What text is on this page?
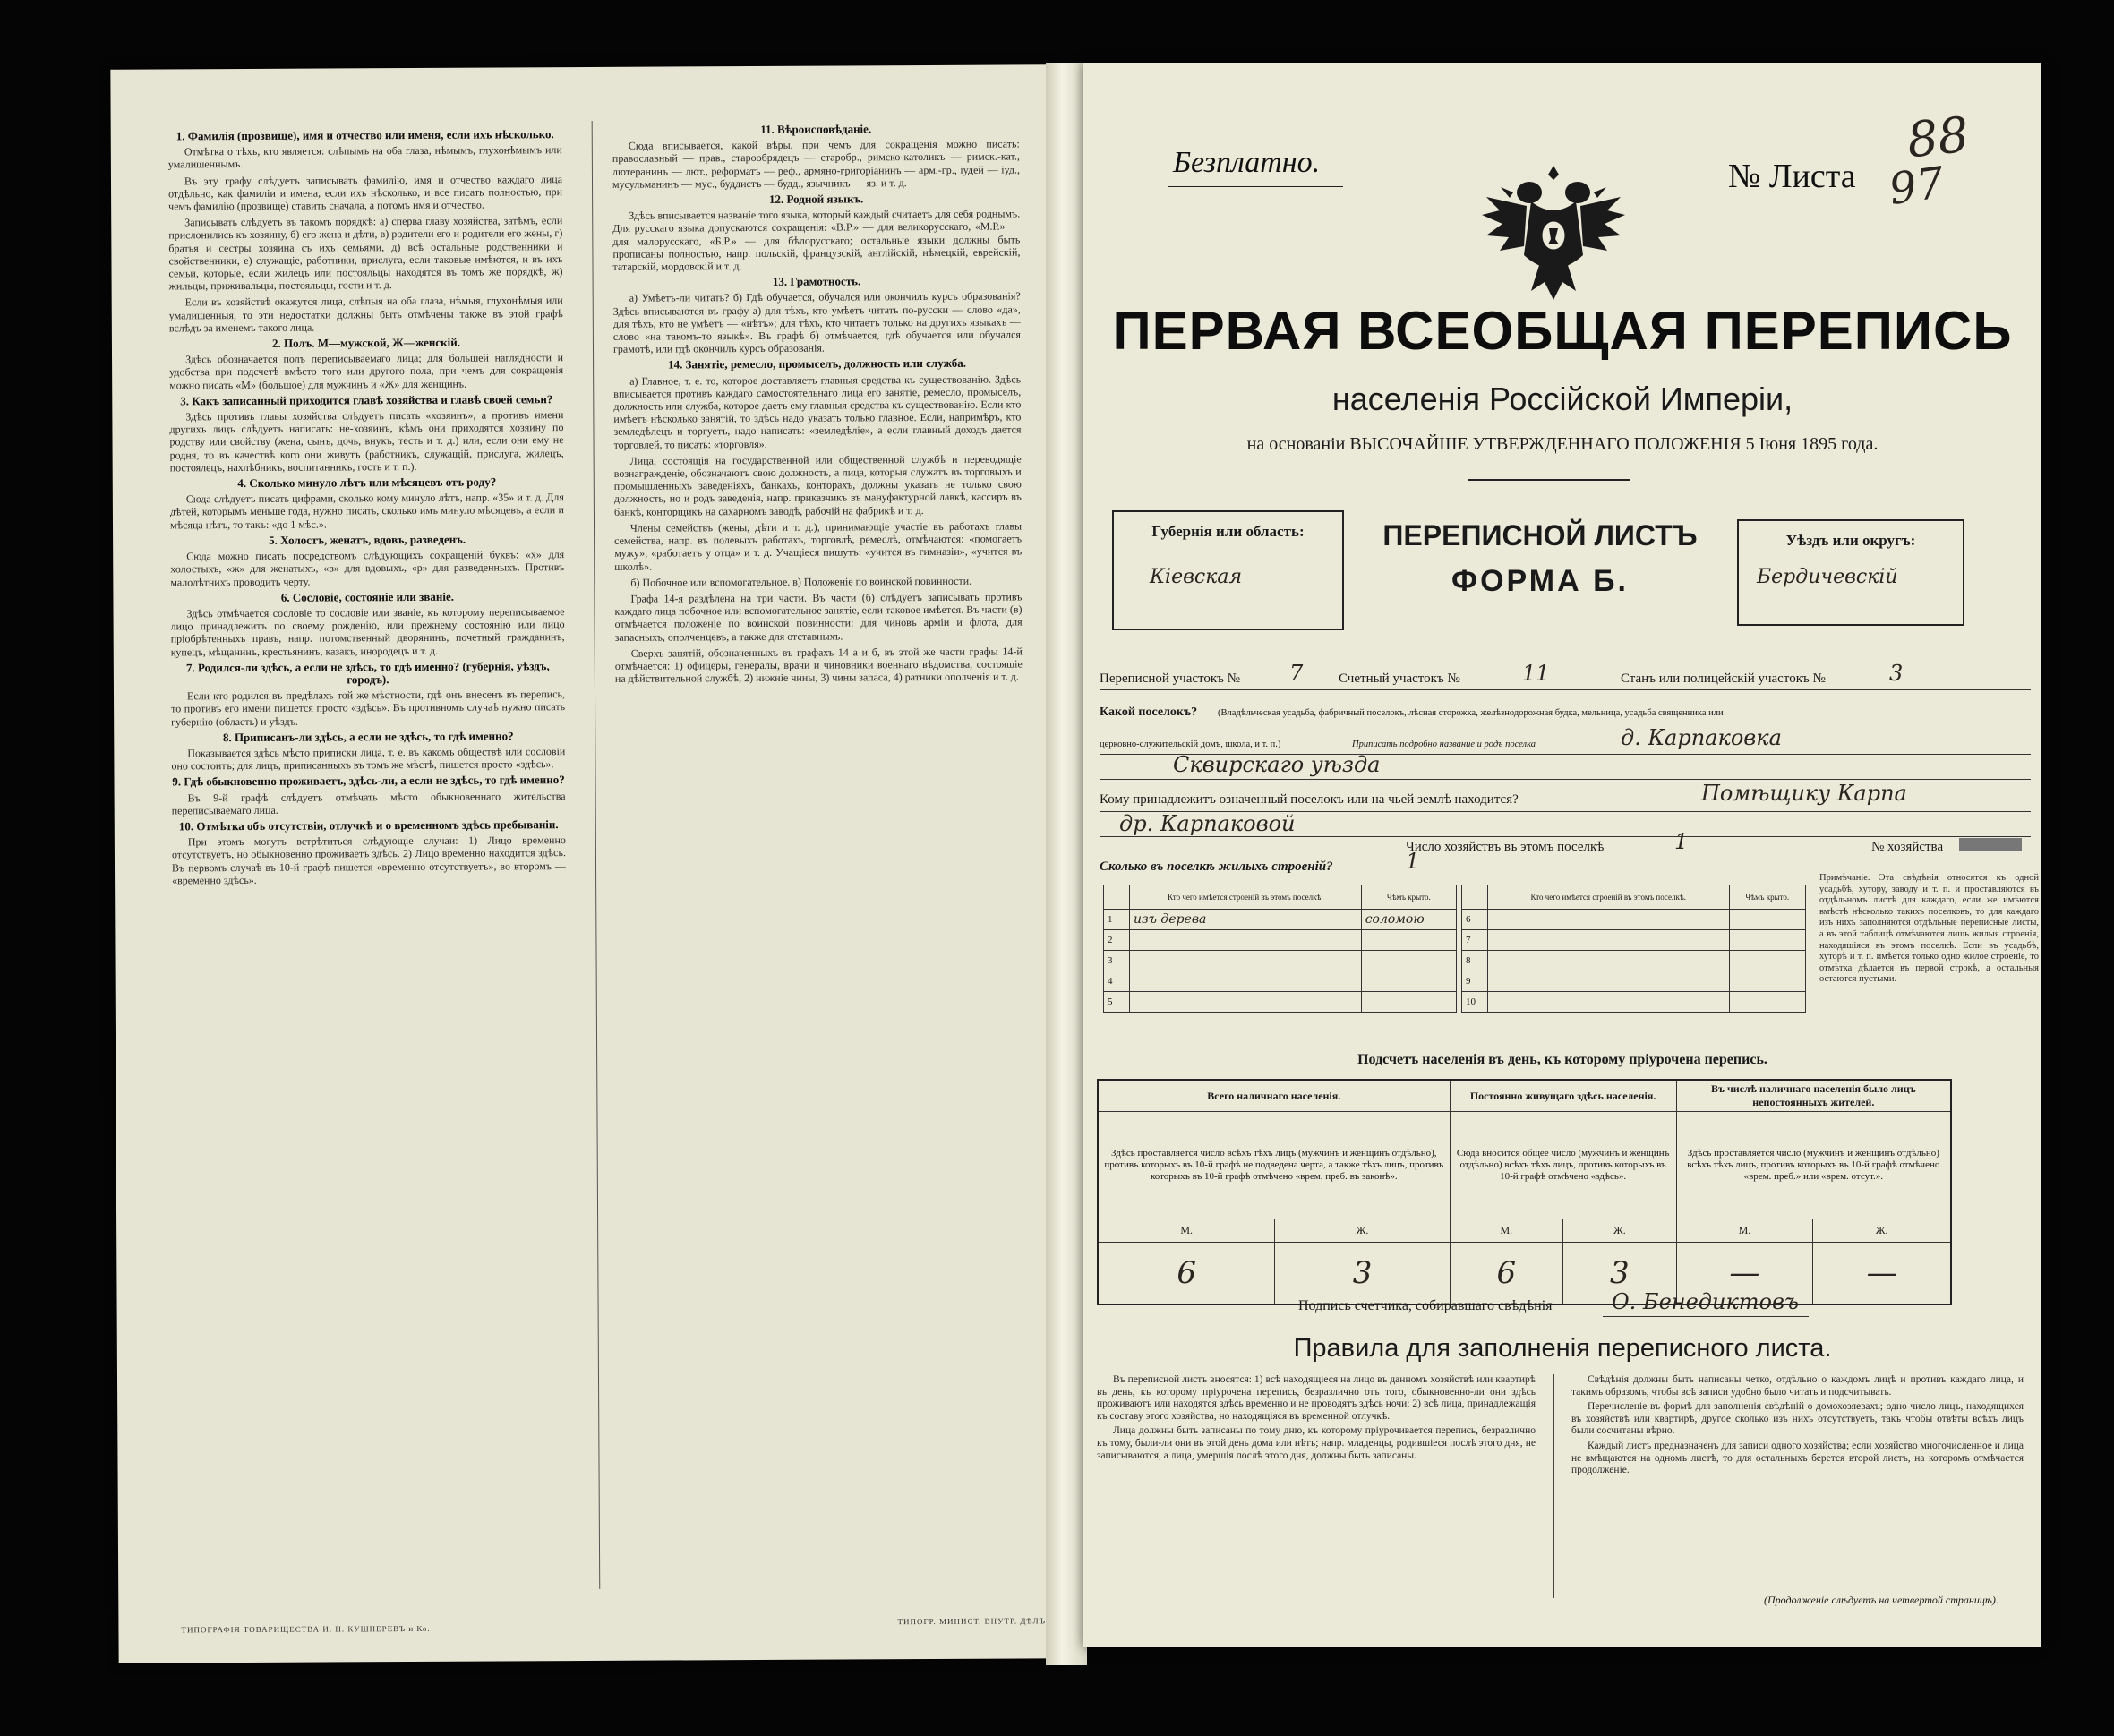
1. Фамилія (прозвище), имя и отчество или именя, если ихъ нѣсколько.

Отмѣтка о тѣхъ, кто является: слѣпымъ на оба глаза, нѣмымъ, глухонѣмымъ или умалишеннымъ.

Въ эту графу слѣдуетъ записывать фамилію, имя и отчество каждаго лица отдѣльно, как фамиліи и имена, если ихъ нѣсколько, и все писать полностью, при чемъ фамилію (прозвище) ставить сначала, а потомъ имя и отчество.

Записывать слѣдуетъ въ такомъ порядкѣ: а) сперва главу хозяйства, затѣмъ, если прислонились къ хозяину, б) его жена и дѣти, в) родители его и родители его жены, г) братья и сестры хозяина съ ихъ семьями, д) всѣ остальные родственники и свойственники, е) служащіе, работники, прислуга, если таковые имѣются, и въ ихъ семьи, которые, если жилецъ или постояльцы находятся въ томъ же порядкѣ, ж) жильцы, приживальцы, постояльцы, гости и т. д.

Если въ хозяйствѣ окажутся лица, слѣпыя на оба глаза, нѣмыя, глухонѣмыя или умалишенныя, то эти недостатки должны быть отмѣчены также въ этой графѣ вслѣдъ за именемъ такого лица.

2. Полъ. М—мужской, Ж—женскій.

Здѣсь обозначается полъ переписываемаго лица; для большей наглядности и удобства при подсчетѣ вмѣсто того или другого пола, при чемъ для сокращенія можно писать «М» (большое) для мужчинъ и «Ж» для женщинъ.

3. Какъ записанный приходится главѣ хозяйства и главѣ своей семьи?

Здѣсь противъ главы хозяйства слѣдуетъ писать «хозяинъ», а противъ имени другихъ лицъ слѣдуетъ написать: не-хозяинъ, кѣмъ они приходятся хозяину по родству или свойству (жена, сынъ, дочь, внукъ, тесть и т. д.) или, если они ему не родня, то въ качествѣ кого они живутъ (работникъ, служащій, прислуга, жилецъ, постоялецъ, нахлѣбникъ, воспитанникъ, гость и т. п.).

4. Сколько минуло лѣтъ или мѣсяцевъ отъ роду?

Сюда слѣдуетъ писать цифрами, сколько кому минуло лѣтъ, напр. «35» и т. д. Для дѣтей, которымъ меньше года, нужно писать, сколько имъ минуло мѣсяцевъ, а если и мѣсяца нѣтъ, то такъ: «до 1 мѣс.».

5. Холостъ, женатъ, вдовъ, разведенъ.

Сюда можно писать посредствомъ слѣдующихъ сокращеній буквъ: «х» для холостыхъ, «ж» для женатыхъ, «в» для вдовыхъ, «р» для разведенныхъ. Противъ малолѣтнихъ проводить черту.

6. Сословіе, состояніе или званіе.

Здѣсь отмѣчается сословіе то сословіе или званіе, къ которому переписываемое лицо принадлежитъ по своему рожденію, или прежнему состоянію или лицо пріобрѣтенныхъ правъ, напр. потомственный дворянинъ, почетный гражданинъ, купецъ, мѣщанинъ, крестьянинъ, казакъ, инородецъ и т. д.

7. Родился-ли здѣсь, а если не здѣсь, то гдѣ именно? (губернія, уѣздъ, городъ).

Если кто родился въ предѣлахъ той же мѣстности, гдѣ онъ внесенъ въ перепись, то противъ его имени пишется просто «здѣсь». Въ противномъ случаѣ нужно писать губернію (область) и уѣздъ.

8. Приписанъ-ли здѣсь, а если не здѣсь, то гдѣ именно?

Показывается здѣсь мѣсто приписки лица, т. е. въ какомъ обществѣ или сословіи оно состоитъ; для лицъ, приписанныхъ въ томъ же мѣстѣ, пишется просто «здѣсь».

9. Гдѣ обыкновенно проживаетъ, здѣсь-ли, а если не здѣсь, то гдѣ именно?

Въ 9-й графѣ слѣдуетъ отмѣчать мѣсто обыкновеннаго жительства переписываемаго лица.

10. Отмѣтка объ отсутствіи, отлучкѣ и о временномъ здѣсь пребываніи.

При этомъ могутъ встрѣтиться слѣдующіе случаи: 1) Лицо временно отсутствуетъ, но обыкновенно проживаетъ здѣсь. 2) Лицо временно находится здѣсь. Въ первомъ случаѣ въ 10-й графѣ пишется «временно отсутствуетъ», во второмъ — «временно здѣсь».

11. Вѣроисповѣданіе.

Сюда вписывается, какой вѣры, при чемъ для сокращенія можно писать: православный — прав., старообрядецъ — старобр., римско-католикъ — римск.-кат., лютеранинъ — лют., реформатъ — реф., армяно-григоріанинъ — арм.-гр., іудей — іуд., мусульманинъ — мус., буддистъ — будд., язычникъ — яз. и т. д.

12. Родной языкъ.

Здѣсь вписывается названіе того языка, который каждый считаетъ для себя роднымъ. Для русскаго языка допускаются сокращенія: «В.Р.» — для великорусскаго, «М.Р.» — для малорусскаго, «Б.Р.» — для бѣлорусскаго; остальные языки должны быть прописаны полностью, напр. польскій, французскій, англійскій, нѣмецкій, еврейскій, татарскій, мордовскій и т. д.

13. Грамотность.

а) Умѣетъ-ли читать? б) Гдѣ обучается, обучался или окончилъ курсъ образованія? Здѣсь вписываются въ графу а) для тѣхъ, кто умѣетъ читать по-русски — слово «да», для тѣхъ, кто не умѣетъ — «нѣтъ»; для тѣхъ, кто читаетъ только на другихъ языкахъ — слово «на такомъ-то языкѣ». Въ графѣ б) отмѣчается, гдѣ обучается или обучался грамотѣ, или гдѣ окончилъ курсъ образованія.

14. Занятіе, ремесло, промыселъ, должность или служба.

а) Главное, т. е. то, которое доставляетъ главныя средства къ существованію. Здѣсь вписывается противъ каждаго самостоятельнаго лица его занятіе, ремесло, промыселъ, должность или служба, которое даетъ ему главныя средства къ существованію. Если кто имѣетъ нѣсколько занятій, то здѣсь надо указать только главное. Если, напримѣръ, кто земледѣлецъ и торгуетъ, надо написать: «земледѣліе», а если главный доходъ дается торговлей, то писать: «торговля».

Лица, состоящія на государственной или общественной службѣ и переводящіе вознагражденіе, обозначаютъ свою должность, а лица, которыя служатъ въ торговыхъ и промышленныхъ заведеніяхъ, банкахъ, конторахъ, должны указать не только свою должность, но и родъ заведенія, напр. приказчикъ въ мануфактурной лавкѣ, кассиръ въ банкѣ, конторщикъ на сахарномъ заводѣ, рабочій на фабрикѣ и т. д.

Члены семействъ (жены, дѣти и т. д.), принимающіе участіе въ работахъ главы семейства, напр. въ полевыхъ работахъ, торговлѣ, ремеслѣ, отмѣчаются: «помогаетъ мужу», «работаетъ у отца» и т. д. Учащіеся пишутъ: «учится въ гимназіи», «учится въ школѣ».

б) Побочное или вспомогательное. в) Положеніе по воинской повинности.

Графа 14-я раздѣлена на три части. Въ части (б) слѣдуетъ записывать противъ каждаго лица побочное или вспомогательное занятіе, если таковое имѣется. Въ части (в) отмѣчается положеніе по воинской повинности: для чиновъ арміи и флота, для запасныхъ, ополченцевъ, а также для отставныхъ.

Сверхъ занятій, обозначенныхъ въ графахъ 14 а и б, въ этой же части графы 14-й отмѣчается: 1) офицеры, генералы, врачи и чиновники военнаго вѣдомства, состоящіе на дѣйствительной службѣ, 2) нижніе чины, 3) чины запаса, 4) ратники ополченія и т. д.

ТИПОГРАФІЯ ТОВАРИЩЕСТВА И. Н. КУШНЕРЕВЪ и Ко.
ТИПОГР. МИНИСТ. ВНУТР. ДѢЛЪ
Безплатно.	№ Листа
88
97
ПЕРВАЯ ВСЕОБЩАЯ ПЕРЕПИСЬ
населенія Россійской Имперіи,
на основаніи ВЫСОЧАЙШЕ УТВЕРЖДЕННАГО ПОЛОЖЕНІЯ 5 Іюня 1895 года.
Губернія или область:
Кіевская
ПЕРЕПИСНОЙ ЛИСТЪ
ФОРМА Б.
Уѣздъ или округъ:
Бердичевскій
Переписной участокъ № 7	Счетный участокъ №	11	Станъ или полицейскій участокъ №	3
Какой поселокъ? (Владѣльческая усадьба, фабричный поселокъ, лѣсная сторожка, желѣзнодорожная будка, мельница, усадьба священника или
церковно-служительскій домъ, школа, и т. п.)	Приписать подробно название и родъ поселка	д. Карпаковка
Сквирскаго уѣзда
Кому принадлежитъ означенный поселокъ или на чьей землѣ находится?	Помѣщику Карпа
др. Карпаковой
Число хозяйствъ въ этомъ поселкѣ	1	№ хозяйства
Сколько въ поселкѣ жилыхъ строеній?	1
	Кто чего имѣется строеній въ этомъ поселкѣ.	Чѣмъ крыто.
1	изъ дерева	соломою
2		
3		
4		
5		
	Кто чего имѣется строеній въ этомъ поселкѣ.	Чѣмъ крыто.
6		
7		
8		
9		
10		
Примѣчаніе. Эта свѣдѣнія относятся къ одной усадьбѣ, хутору, заводу и т. п. и проставляются въ отдѣльномъ листѣ для каждаго, если же имѣются вмѣстѣ нѣсколько такихъ поселковъ, то для каждаго изъ нихъ заполняются отдѣльные переписные листы, а въ этой таблицѣ отмѣчаются лишь жилыя строенія, находящіяся въ этомъ поселкѣ. Если въ усадьбѣ, хуторѣ и т. п. имѣется только одно жилое строеніе, то отмѣтка дѣлается въ первой строкѣ, а остальныя остаются пустыми.
Подсчетъ населенія въ день, къ которому пріурочена перепись.
Всего наличнаго населенія.		Постоянно живущаго здѣсь населенія.		Въ числѣ наличнаго населенія было лицъ непостоянныхъ жителей.	
Здѣсь проставляется число всѣхъ тѣхъ лицъ (мужчинъ и женщинъ отдѣльно), противъ которыхъ въ 10-й графѣ не подведена черта, а также тѣхъ лицъ, противъ которыхъ въ 10-й графѣ отмѣчено «врем. преб. въ законѣ».		Сюда вносится общее число (мужчинъ и женщинъ отдѣльно) всѣхъ тѣхъ лицъ, противъ которыхъ въ 10-й графѣ отмѣчено «здѣсь».		Здѣсь проставляется число (мужчинъ и женщинъ отдѣльно) всѣхъ тѣхъ лицъ, противъ которыхъ въ 10-й графѣ отмѣчено «врем. преб.» или «врем. отсут.».	
М.	Ж.	М.	Ж.	М.	Ж.
6	3	6	3	—	—
Подпись счетчика, собиравшаго свѣдѣнія	О. Бенедиктовъ
Правила для заполненія переписного листа.

Въ переписной листъ вносятся: 1) всѣ находящіеся на лицо въ данномъ хозяйствѣ или квартирѣ въ день, къ которому пріурочена перепись, безразлично отъ того, обыкновенно-ли они здѣсь проживаютъ или находятся здѣсь временно и не проводятъ здѣсь ночи; 2) всѣ лица, принадлежащія къ составу этого хозяйства, но находящіяся въ временной отлучкѣ.

Лица должны быть записаны по тому дню, къ которому пріурочивается перепись, безразлично къ тому, были-ли они въ этой день дома или нѣтъ; напр. младенцы, родившіеся послѣ этого дня, не записываются, а лица, умершія послѣ этого дня, должны быть записаны.

Свѣдѣнія должны быть написаны четко, отдѣльно о каждомъ лицѣ и противъ каждаго лица, и такимъ образомъ, чтобы всѣ записи удобно было читать и подсчитывать.

Перечисленіе въ формѣ для заполненія свѣдѣній о домохозяевахъ; одно число лицъ, находящихся въ хозяйствѣ или квартирѣ, другое сколько изъ нихъ отсутствуетъ, такъ чтобы отвѣты всѣхъ лицъ были сосчитаны вѣрно.

Каждый листъ предназначенъ для записи одного хозяйства; если хозяйство многочисленное и лица не вмѣщаются на одномъ листѣ, то для остальныхъ берется второй листъ, на которомъ отмѣчается продолженіе.

(Продолженіе слѣдуетъ на четвертой страницѣ).
